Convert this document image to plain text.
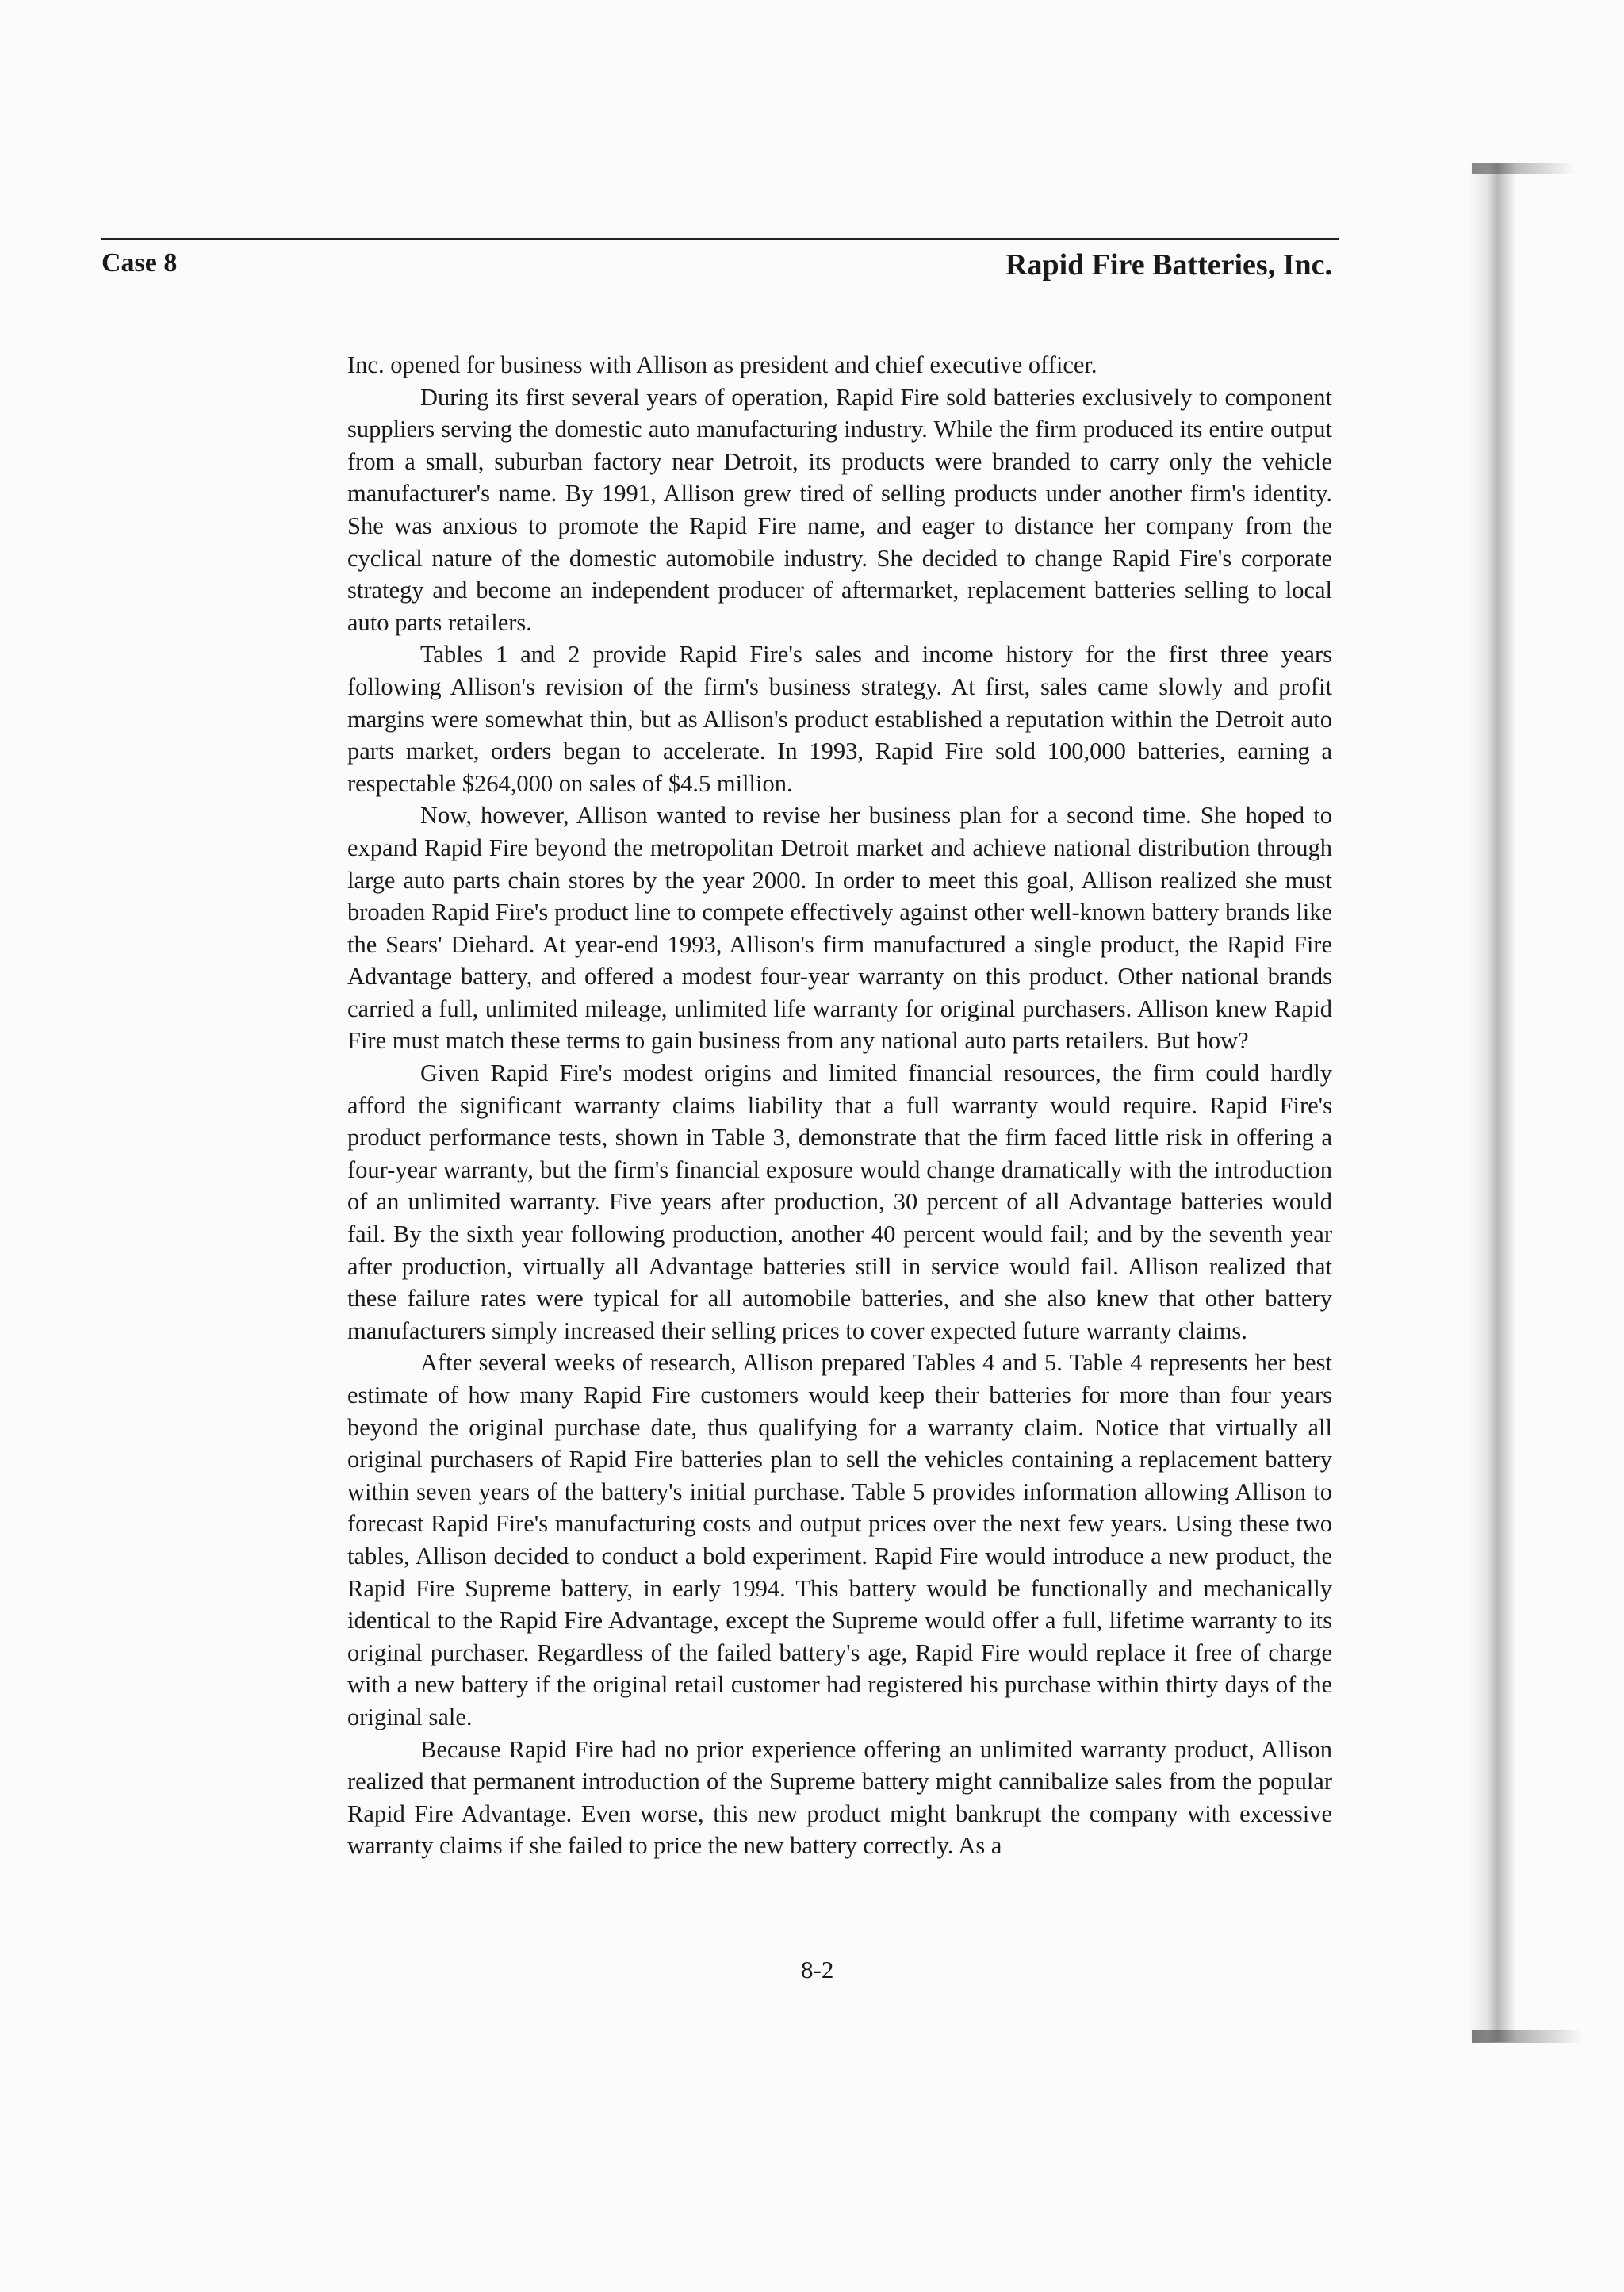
Case 8	Rapid Fire Batteries, Inc.

Inc. opened for business with Allison as president and chief executive officer.

During its first several years of operation, Rapid Fire sold batteries exclusively to component suppliers serving the domestic auto manufacturing industry. While the firm produced its entire output from a small, suburban factory near Detroit, its products were branded to carry only the vehicle manufacturer's name. By 1991, Allison grew tired of selling products under another firm's identity. She was anxious to promote the Rapid Fire name, and eager to distance her company from the cyclical nature of the domestic automobile industry. She decided to change Rapid Fire's corporate strategy and become an independent producer of aftermarket, replacement batteries selling to local auto parts retailers.

Tables 1 and 2 provide Rapid Fire's sales and income history for the first three years following Allison's revision of the firm's business strategy. At first, sales came slowly and profit margins were somewhat thin, but as Allison's product established a reputation within the Detroit auto parts market, orders began to accelerate. In 1993, Rapid Fire sold 100,000 batteries, earning a respectable $264,000 on sales of $4.5 million.

Now, however, Allison wanted to revise her business plan for a second time. She hoped to expand Rapid Fire beyond the metropolitan Detroit market and achieve national distribution through large auto parts chain stores by the year 2000. In order to meet this goal, Allison realized she must broaden Rapid Fire's product line to compete effectively against other well-known battery brands like the Sears' Diehard. At year-end 1993, Allison's firm manufactured a single product, the Rapid Fire Advantage battery, and offered a modest four-year warranty on this product. Other national brands carried a full, unlimited mileage, unlimited life warranty for original purchasers. Allison knew Rapid Fire must match these terms to gain business from any national auto parts retailers. But how?

Given Rapid Fire's modest origins and limited financial resources, the firm could hardly afford the significant warranty claims liability that a full warranty would require. Rapid Fire's product performance tests, shown in Table 3, demonstrate that the firm faced little risk in offering a four-year warranty, but the firm's financial exposure would change dramatically with the introduction of an unlimited warranty. Five years after production, 30 percent of all Advantage batteries would fail. By the sixth year following production, another 40 percent would fail; and by the seventh year after production, virtually all Advantage batteries still in service would fail. Allison realized that these failure rates were typical for all automobile batteries, and she also knew that other battery manufacturers simply increased their selling prices to cover expected future warranty claims.

After several weeks of research, Allison prepared Tables 4 and 5. Table 4 represents her best estimate of how many Rapid Fire customers would keep their batteries for more than four years beyond the original purchase date, thus qualifying for a warranty claim. Notice that virtually all original purchasers of Rapid Fire batteries plan to sell the vehicles containing a replacement battery within seven years of the battery's initial purchase. Table 5 provides information allowing Allison to forecast Rapid Fire's manufacturing costs and output prices over the next few years. Using these two tables, Allison decided to conduct a bold experiment. Rapid Fire would introduce a new product, the Rapid Fire Supreme battery, in early 1994. This battery would be functionally and mechanically identical to the Rapid Fire Advantage, except the Supreme would offer a full, lifetime warranty to its original purchaser. Regardless of the failed battery's age, Rapid Fire would replace it free of charge with a new battery if the original retail customer had registered his purchase within thirty days of the original sale.

Because Rapid Fire had no prior experience offering an unlimited warranty product, Allison realized that permanent introduction of the Supreme battery might cannibalize sales from the popular Rapid Fire Advantage. Even worse, this new product might bankrupt the company with excessive warranty claims if she failed to price the new battery correctly. As a

8-2
